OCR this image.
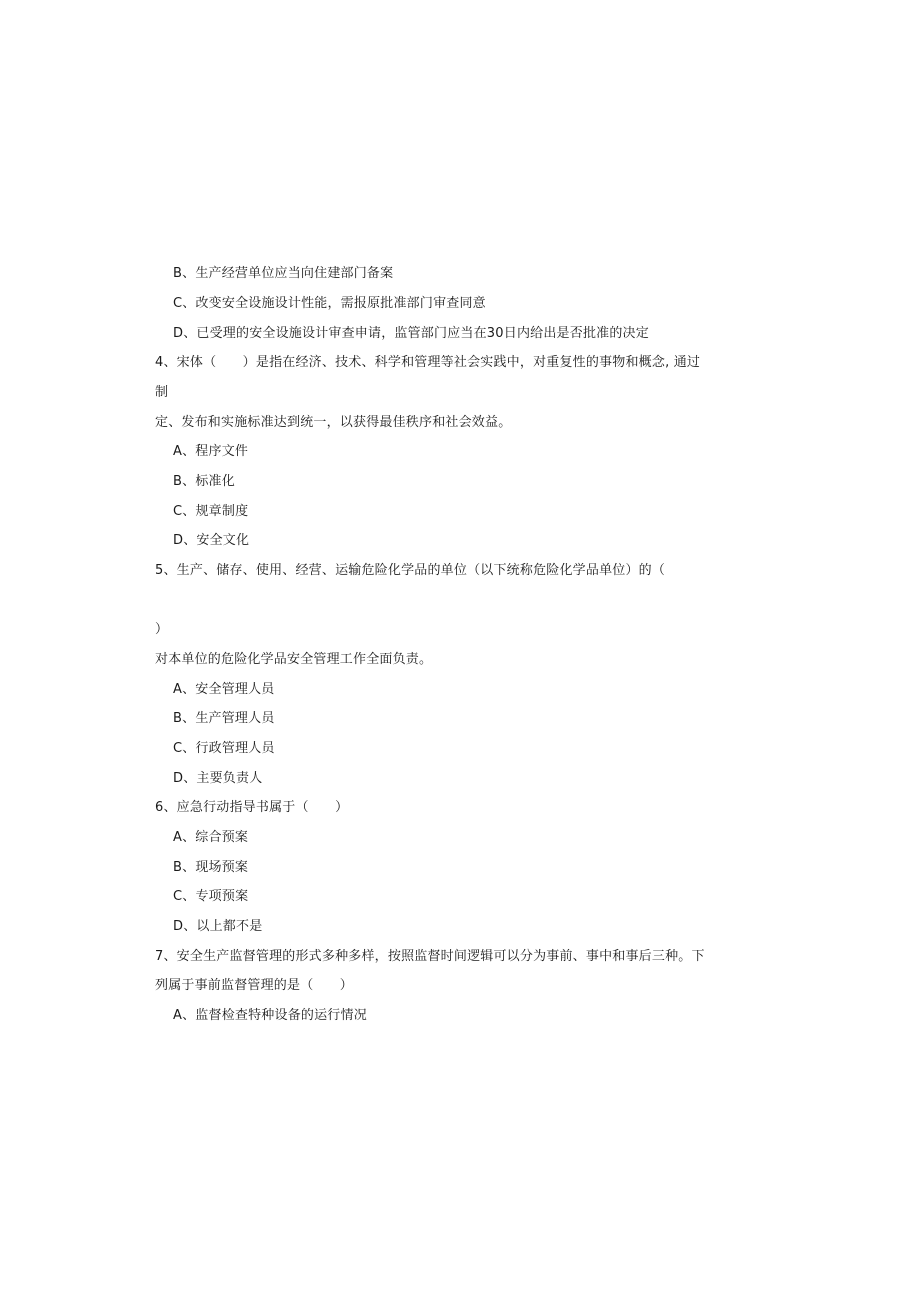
B、生产经营单位应当向住建部门备案
C、改变安全设施设计性能，需报原批准部门审查同意
D、已受理的安全设施设计审查申请，监管部门应当在30日内给出是否批准的决定
4、宋体（　　）是指在经济、技术、科学和管理等社会实践中，对重复性的事物和概念, 通过
制
定、发布和实施标准达到统一，以获得最佳秩序和社会效益。
A、程序文件
B、标准化
C、规章制度
D、安全文化
5、生产、储存、使用、经营、运输危险化学品的单位（以下统称危险化学品单位）的（
）
对本单位的危险化学品安全管理工作全面负责。
A、安全管理人员
B、生产管理人员
C、行政管理人员
D、主要负责人
6、应急行动指导书属于（　　）
A、综合预案
B、现场预案
C、专项预案
D、以上都不是
7、安全生产监督管理的形式多种多样，按照监督时间逻辑可以分为事前、事中和事后三种。下
列属于事前监督管理的是（　　）
A、监督检查特种设备的运行情况
